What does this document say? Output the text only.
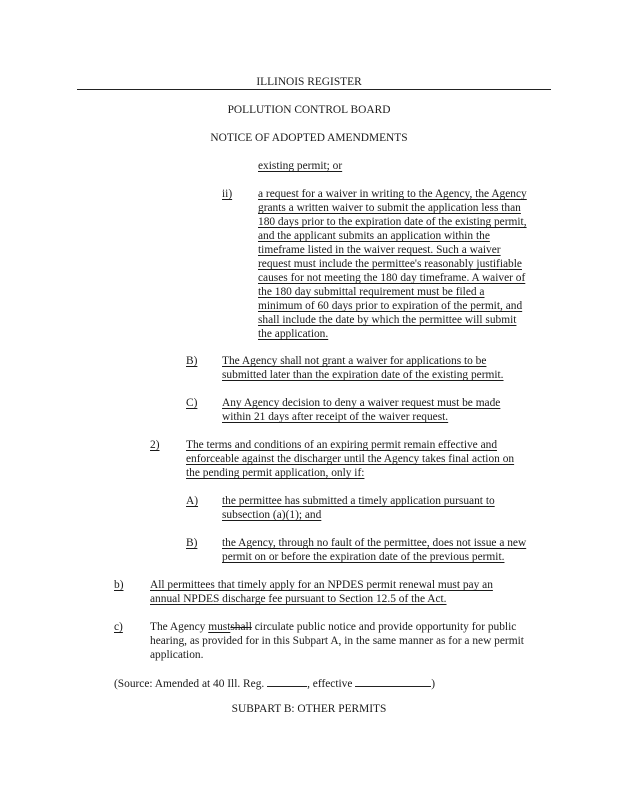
ILLINOIS REGISTER
POLLUTION CONTROL BOARD
NOTICE OF ADOPTED AMENDMENTS
existing permit; or
ii) a request for a waiver in writing to the Agency, the Agency
grants a written waiver to submit the application less than
180 days prior to the expiration date of the existing permit,
and the applicant submits an application within the
timeframe listed in the waiver request. Such a waiver
request must include the permittee's reasonably justifiable
causes for not meeting the 180 day timeframe. A waiver of
the 180 day submittal requirement must be filed a
minimum of 60 days prior to expiration of the permit, and
shall include the date by which the permittee will submit
the application.
B) The Agency shall not grant a waiver for applications to be
submitted later than the expiration date of the existing permit.
C) Any Agency decision to deny a waiver request must be made
within 21 days after receipt of the waiver request.
2) The terms and conditions of an expiring permit remain effective and
enforceable against the discharger until the Agency takes final action on
the pending permit application, only if:
A) the permittee has submitted a timely application pursuant to
subsection (a)(1); and
B) the Agency, through no fault of the permittee, does not issue a new
permit on or before the expiration date of the previous permit.
b) All permittees that timely apply for an NPDES permit renewal must pay an
annual NPDES discharge fee pursuant to Section 12.5 of the Act.
c) The Agency mustshall circulate public notice and provide opportunity for public
hearing, as provided for in this Subpart A, in the same manner as for a new permit
application.
(Source: Amended at 40 Ill. Reg.	, effective	)
SUBPART B: OTHER PERMITS
